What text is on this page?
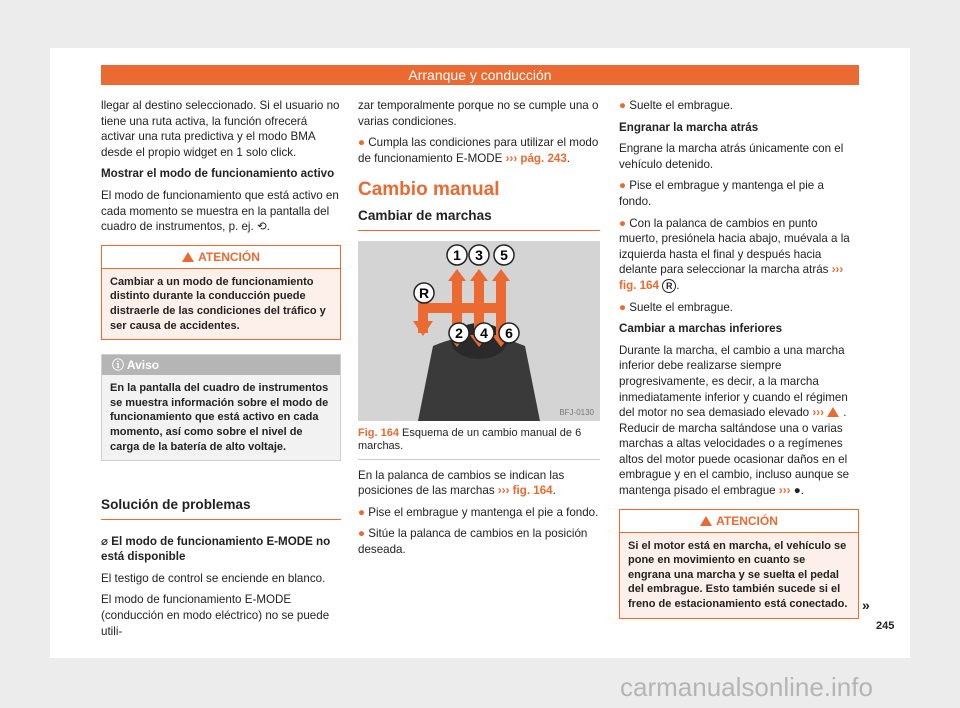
Arranque y conducción

llegar al destino seleccionado. Si el usuario no tiene una ruta activa, la función ofrecerá activar una ruta predictiva y el modo BMA desde el propio widget en 1 solo click.

Mostrar el modo de funcionamiento activo

El modo de funcionamiento que está activo en cada momento se muestra en la pantalla del cuadro de instrumentos, p. ej. ⟲.

ATENCIÓN
Cambiar a un modo de funcionamiento distinto durante la conducción puede distraerle de las condiciones del tráfico y ser causa de accidentes.
ⓘ Aviso
En la pantalla del cuadro de instrumentos se muestra información sobre el modo de funcionamiento que está activo en cada momento, así como sobre el nivel de carga de la batería de alto voltaje.
Solución de problemas

⌀ El modo de funcionamiento E-MODE no está disponible

El testigo de control se enciende en blanco.

El modo de funcionamiento E-MODE (conducción en modo eléctrico) no se puede utili-

zar temporalmente porque no se cumple una o varias condiciones.

● Cumpla las condiciones para utilizar el modo de funcionamiento E-MODE ››› pág. 243.

Cambio manual
Cambiar de marchas
1 3 5
2 4 6
R
BFJ-0130
Fig. 164 Esquema de un cambio manual de 6 marchas.

En la palanca de cambios se indican las posiciones de las marchas ››› fig. 164.

● Pise el embrague y mantenga el pie a fondo.

● Sitúe la palanca de cambios en la posición deseada.

● Suelte el embrague.

Engranar la marcha atrás

Engrane la marcha atrás únicamente con el vehículo detenido.

● Pise el embrague y mantenga el pie a fondo.

● Con la palanca de cambios en punto muerto, presiónela hacia abajo, muévala a la izquierda hasta el final y después hacia delante para seleccionar la marcha atrás ››› fig. 164 R .

● Suelte el embrague.

Cambiar a marchas inferiores

Durante la marcha, el cambio a una marcha inferior debe realizarse siempre progresivamente, es decir, a la marcha inmediatamente inferior y cuando el régimen del motor no sea demasiado elevado ››› . Reducir de marcha saltándose una o varias marchas a altas velocidades o a regímenes altos del motor puede ocasionar daños en el embrague y en el cambio, incluso aunque se mantenga pisado el embrague ››› ●.

ATENCIÓN
Si el motor está en marcha, el vehículo se pone en movimiento en cuanto se engrana una marcha y se suelta el pedal del embrague. Esto también sucede si el freno de estacionamiento está conectado.	»
245
carmanualsonline.info
